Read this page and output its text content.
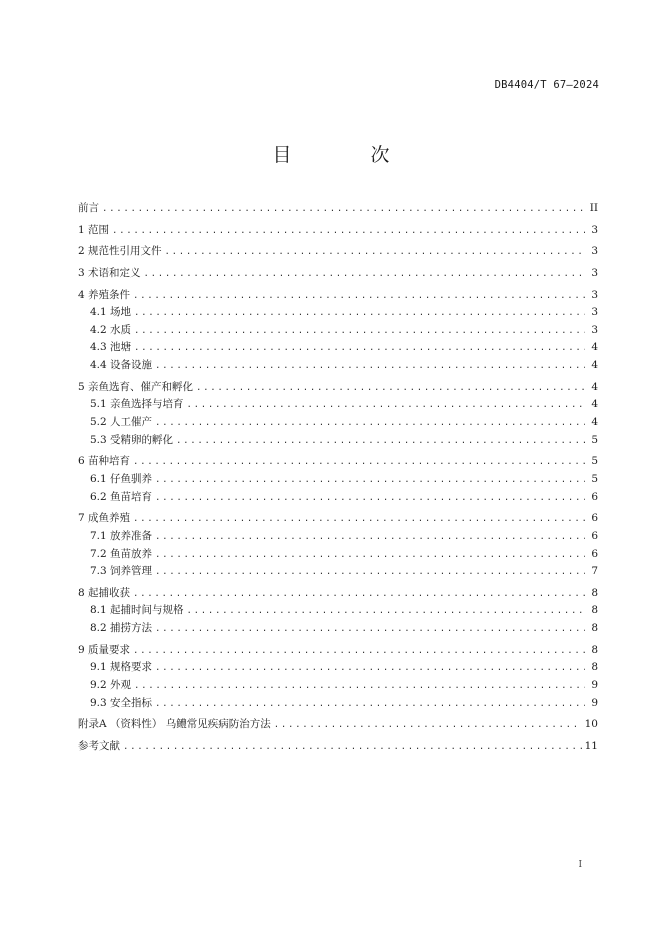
DB4404/T 67—2024
目　次
前言 .....	II
1 范围 .....	3
2 规范性引用文件 .....	3
3 术语和定义 .....	3
4 养殖条件 .....	3
4.1 场地 .....	3
4.2 水质 .....	3
4.3 池塘 .....	4
4.4 设备设施 .....	4
5 亲鱼选育、催产和孵化 .....	4
5.1 亲鱼选择与培育 .....	4
5.2 人工催产 .....	4
5.3 受精卵的孵化 .....	5
6 苗种培育 .....	5
6.1 仔鱼驯养 .....	5
6.2 鱼苗培育 .....	6
7 成鱼养殖 .....	6
7.1 放养准备 .....	6
7.2 鱼苗放养 .....	6
7.3 饲养管理 .....	7
8 起捕收获 .....	8
8.1 起捕时间与规格 .....	8
8.2 捕捞方法 .....	8
9 质量要求 .....	8
9.1 规格要求 .....	8
9.2 外观 .....	9
9.3 安全指标 .....	9
附录A （资料性） 乌鳢常见疾病防治方法 .....	10
参考文献 .....	11
I
